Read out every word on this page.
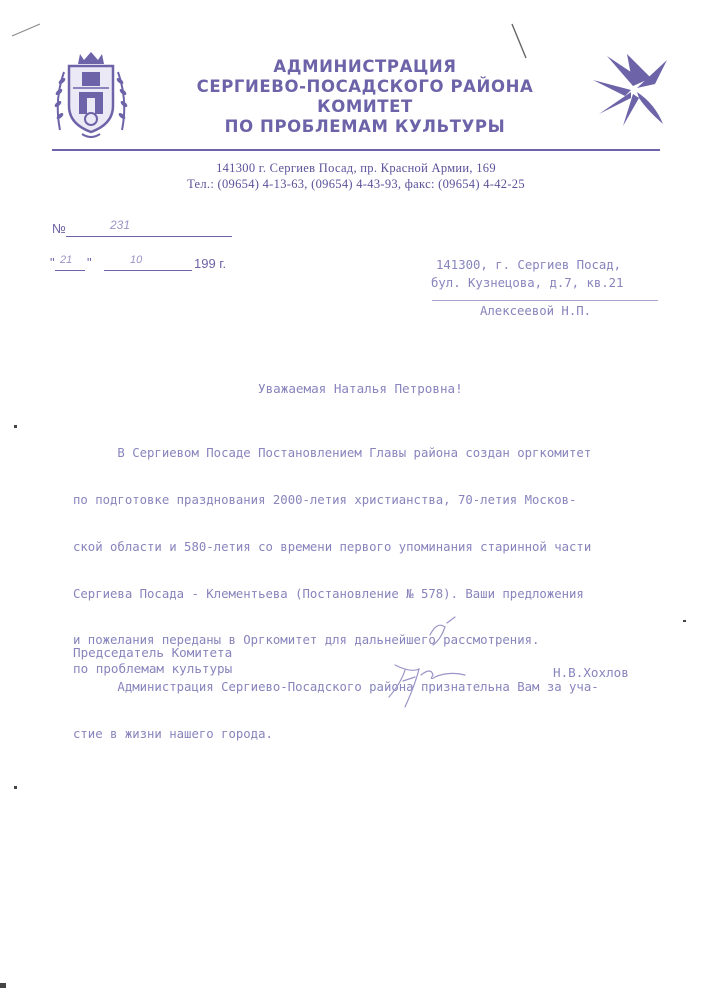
АДМИНИСТРАЦИЯ
СЕРГИЕВО-ПОСАДСКОГО РАЙОНА
КОМИТЕТ
ПО ПРОБЛЕМАМ КУЛЬТУРЫ
141300 г. Сергиев Посад, пр. Красной Армии, 169
Тел.: (09654) 4-13-63, (09654) 4-43-93, факс: (09654) 4-42-25
№	231
" 21 "	10	199 г.	141300, г. Сергиев Посад,
бул. Кузнецова, д.7, кв.21
Алексеевой Н.П.
Уважаемая Наталья Петровна!

В Сергиевом Посаде Постановлением Главы района создан оргкомитет

по подготовке празднования 2000-летия христианства, 70-летия Москов-

ской области и 580-летия со времени первого упоминания старинной части

Сергиева Посада - Клементьева (Постановление № 578). Ваши предложения

и пожелания переданы в Оргкомитет для дальнейшего рассмотрения.

Администрация Сергиево-Посадского района признательна Вам за уча-

стие в жизни нашего города.

Председатель Комитета
по проблемам культуры	Н.В.Хохлов
